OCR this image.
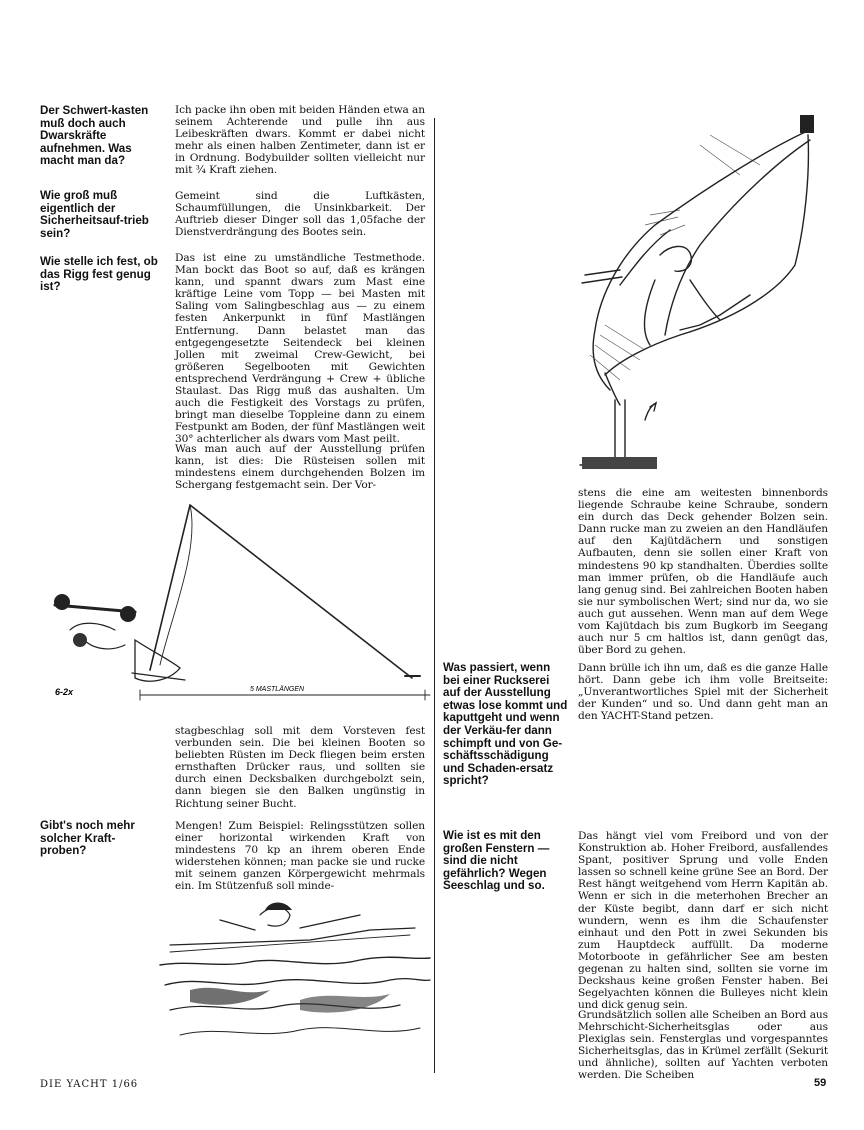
Der Schwert-kasten muß doch auch Dwarskräfte aufnehmen. Was macht man da?

Wie groß muß eigentlich der Sicherheitsauf-trieb sein?

Wie stelle ich fest, ob das Rigg fest genug ist?

Gibt's noch mehr solcher Kraft-proben?

Was passiert, wenn bei einer Ruckserei auf der Ausstellung etwas lose kommt und kaputtgeht und wenn der Verkäu-fer dann schimpft und von Ge-schäftsschädigung und Schaden-ersatz spricht?

Wie ist es mit den großen Fenstern — sind die nicht gefährlich? Wegen Seeschlag und so.

Ich packe ihn oben mit beiden Händen etwa an seinem Achterende und pulle ihn aus Leibeskräften dwars. Kommt er dabei nicht mehr als einen halben Zentimeter, dann ist er in Ordnung. Bodybuilder sollten vielleicht nur mit ¾ Kraft ziehen.

Gemeint sind die Luftkästen, Schaumfüllungen, die Unsinkbarkeit. Der Auftrieb dieser Dinger soll das 1,05fache der Dienstverdrängung des Bootes sein.

Das ist eine zu umständliche Testmethode. Man bockt das Boot so auf, daß es krängen kann, und spannt dwars zum Mast eine kräftige Leine vom Topp — bei Masten mit Saling vom Salingbeschlag aus — zu einem festen Ankerpunkt in fünf Mastlängen Entfernung. Dann belastet man das entgegengesetzte Seitendeck bei kleinen Jollen mit zweimal Crew-Gewicht, bei größeren Segelbooten mit Gewichten entsprechend Verdrängung + Crew + übliche Staulast. Das Rigg muß das aushalten. Um auch die Festigkeit des Vorstags zu prüfen, bringt man dieselbe Toppleine dann zu einem Festpunkt am Boden, der fünf Mastlängen weit 30° achterlicher als dwars vom Mast peilt.

Was man auch auf der Ausstellung prüfen kann, ist dies: Die Rüsteisen sollen mit mindestens einem durchgehenden Bolzen im Schergang festgemacht sein. Der Vor-

stagbeschlag soll mit dem Vorsteven fest verbunden sein. Die bei kleinen Booten so beliebten Rüsten im Deck fliegen beim ersten ernsthaften Drücker raus, und sollten sie durch einen Decksbalken durchgebolzt sein, dann biegen sie den Balken ungünstig in Richtung seiner Bucht.

Mengen! Zum Beispiel: Relingsstützen sollen einer horizontal wirkenden Kraft von mindestens 70 kp an ihrem oberen Ende widerstehen können; man packe sie und rucke mit seinem ganzen Körpergewicht mehrmals ein. Im Stützenfuß soll minde-

stens die eine am weitesten binnenbords liegende Schraube keine Schraube, sondern ein durch das Deck gehender Bolzen sein. Dann rucke man zu zweien an den Handläufen auf den Kajütdächern und sonstigen Aufbauten, denn sie sollen einer Kraft von mindestens 90 kp standhalten. Überdies sollte man immer prüfen, ob die Handläufe auch lang genug sind. Bei zahlreichen Booten haben sie nur symbolischen Wert; sind nur da, wo sie auch gut aussehen. Wenn man auf dem Wege vom Kajütdach bis zum Bugkorb im Seegang auch nur 5 cm haltlos ist, dann genügt das, über Bord zu gehen.

Dann brülle ich ihn um, daß es die ganze Halle hört. Dann gebe ich ihm volle Breitseite: „Unverantwortliches Spiel mit der Sicherheit der Kunden“ und so. Und dann geht man an den YACHT-Stand petzen.

Das hängt viel vom Freibord und von der Konstruktion ab. Hoher Freibord, ausfallendes Spant, positiver Sprung und volle Enden lassen so schnell keine grüne See an Bord. Der Rest hängt weitgehend vom Herrn Kapitän ab. Wenn er sich in die meterhohen Brecher an der Küste begibt, dann darf er sich nicht wundern, wenn es ihm die Schaufenster einhaut und den Pott in zwei Sekunden bis zum Hauptdeck auffüllt. Da moderne Motorboote in gefährlicher See am besten gegenan zu halten sind, sollten sie vorne im Deckshaus keine großen Fenster haben. Bei Segelyachten können die Bulleyes nicht klein und dick genug sein.

Grundsätzlich sollen alle Scheiben an Bord aus Mehrschicht-Sicherheitsglas oder aus Plexiglas sein. Fensterglas und vorgespanntes Sicherheitsglas, das in Krümel zerfällt (Sekurit und ähnliche), sollten auf Yachten verboten werden. Die Scheiben

6-2x	5 MASTLÄNGEN
DIE YACHT 1/66	59
